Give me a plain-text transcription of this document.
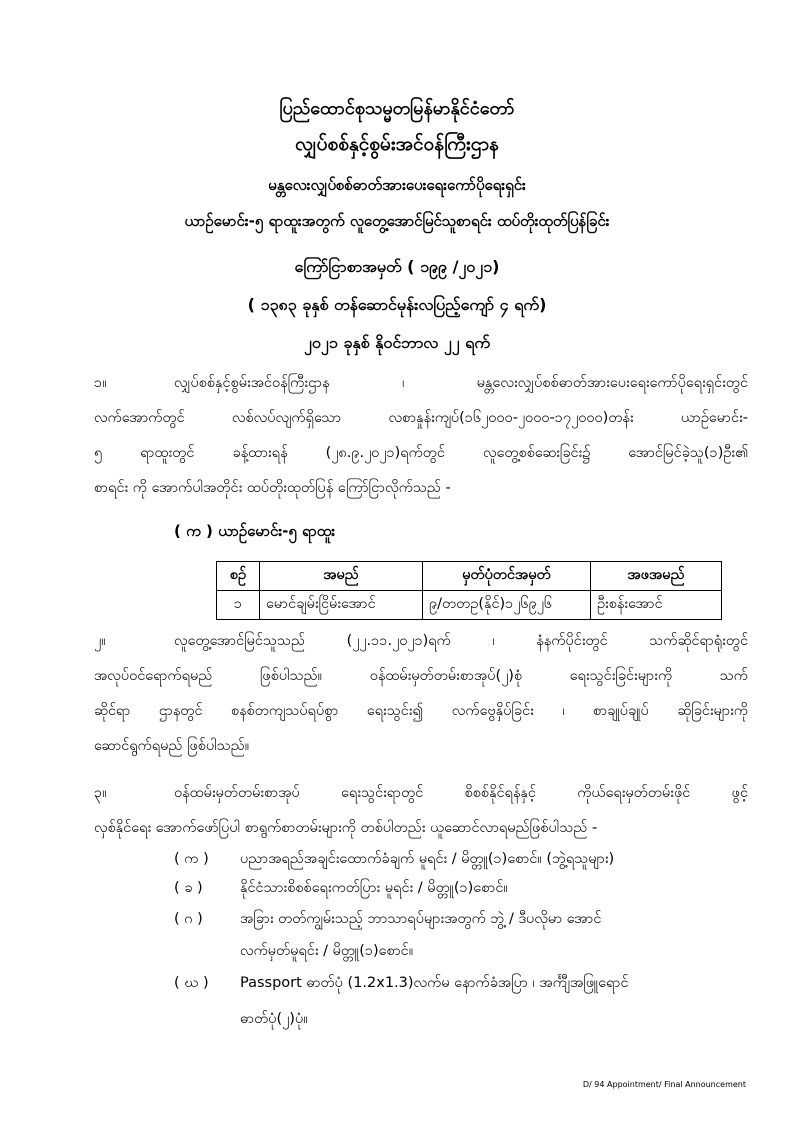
ပြည်ထောင်စုသမ္မတမြန်မာနိုင်ငံတော်
လျှပ်စစ်နှင့်စွမ်းအင်ဝန်ကြီးဌာန
မန္တလေးလျှပ်စစ်ဓာတ်အားပေးရေးကော်ပိုရေးရှင်း
ယာဉ်မောင်း-၅ ရာထူးအတွက် လူတွေ့အောင်မြင်သူစာရင်း ထပ်တိုးထုတ်ပြန်ခြင်း
ကြော်ငြာစာအမှတ် ( ၁၉၉ /၂၀၂၁)
( ၁၃၈၃ ခုနှစ် တန်ဆောင်မုန်းလပြည့်ကျော် ၄ ရက်)
၂၀၂၁ ခုနှစ် နိုဝင်ဘာလ ၂၂ ရက်
၁။	လျှပ်စစ်နှင့်စွမ်းအင်ဝန်ကြီးဌာန ၊ မန္တလေးလျှပ်စစ်ဓာတ်အားပေးရေးကော်ပိုရေးရှင်းတွင်
လက်အောက်တွင် လစ်လပ်လျက်ရှိသော လစာနှုန်းကျပ်(၁၆၂၀၀၀-၂၀၀၀-၁၇၂၀၀၀)တန်း ယာဉ်မောင်း-
၅ ရာထူးတွင် ခန့်ထားရန် (၂၈.၉.၂၀၂၁)ရက်တွင် လူတွေ့စစ်ဆေးခြင်း၌ အောင်မြင်ခဲ့သူ(၁)ဦး၏
စာရင်း ကို အောက်ပါအတိုင်း ထပ်တိုးထုတ်ပြန် ကြော်ငြာလိုက်သည် -
( က ) ယာဉ်မောင်း-၅ ရာထူး
စဉ်	အမည်	မှတ်ပုံတင်အမှတ်	အဖအမည်
၁	မောင်ချမ်းငြိမ်းအောင်	၉/တတဥ(နိုင်)၁၂၆၉၂၆	ဦးစန်းအောင်
၂။	လူတွေ့အောင်မြင်သူသည် (၂၂.၁၁.၂၀၂၁)ရက် ၊ နံနက်ပိုင်းတွင် သက်ဆိုင်ရာရုံးတွင်
အလုပ်ဝင်ရောက်ရမည် ဖြစ်ပါသည်။ ဝန်ထမ်းမှတ်တမ်းစာအုပ်(၂)စုံ ရေးသွင်းခြင်းများကို သက်
ဆိုင်ရာ ဌာနတွင် စနစ်တကျသပ်ရပ်စွာ ရေးသွင်း၍ လက်ဗွေနှိပ်ခြင်း ၊ စာချုပ်ချုပ် ဆိုခြင်းများကို
ဆောင်ရွက်ရမည် ဖြစ်ပါသည်။
၃။	ဝန်ထမ်းမှတ်တမ်းစာအုပ် ရေးသွင်းရာတွင် စိစစ်နိုင်ရန်နှင့် ကိုယ်ရေးမှတ်တမ်းဖိုင် ဖွင့်
လှစ်နိုင်ရေး အောက်ဖော်ပြပါ စာရွက်စာတမ်းများကို တစ်ပါတည်း ယူဆောင်လာရမည်ဖြစ်ပါသည် -
( က ) ပညာအရည်အချင်းထောက်ခံချက် မူရင်း / မိတ္တူ(၁)စောင်။ (ဘွဲ့ရသူများ)
( ခ )	နိုင်ငံသားစိစစ်ရေးကတ်ပြား မူရင်း / မိတ္တူ(၁)စောင်။
( ဂ )	အခြား တတ်ကျွမ်းသည့် ဘာသာရပ်များအတွက် ဘွဲ့ / ဒီပလိုမာ အောင်
လက်မှတ်မူရင်း / မိတ္တူ(၁)စောင်။
( ဃ ) Passport ဓာတ်ပုံ (1.2x1.3)လက်မ နောက်ခံအပြာ ၊ အင်္ကျီအဖြူရောင်
ဓာတ်ပုံ(၂)ပုံ။
D/ 94 Appointment/ Final Announcement
